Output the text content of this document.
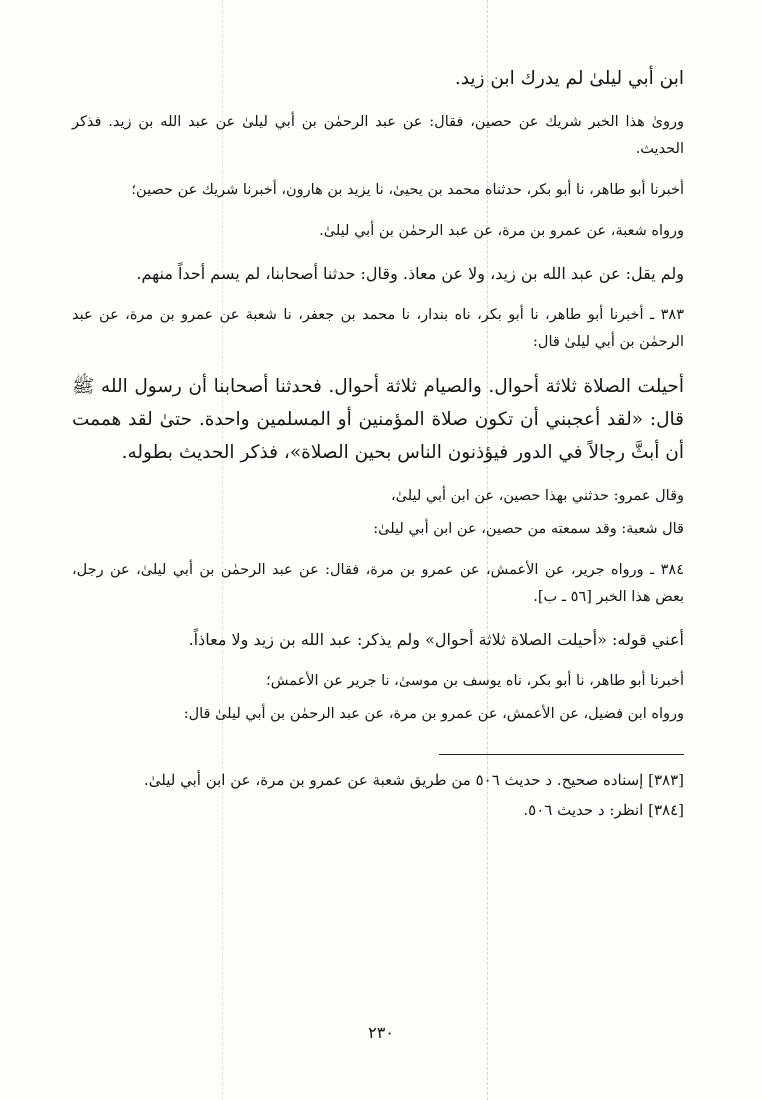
ابن أبي ليلىٰ لم يدرك ابن زيد.

ورویٰ هذا الخبر شريك عن حصين، فقال: عن عبد الرحمٰن بن أبي ليلىٰ عن عبد الله بن زيد. فذكر الحديث.

أخبرنا أبو طاهر، نا أبو بكر، حدثناه محمد بن يحيىٰ، نا يزيد بن هارون، أخبرنا شريك عن حصين؛

ورواه شعبة، عن عمرو بن مرة، عن عبد الرحمٰن بن أبي ليلىٰ.

ولم يقل: عن عبد الله بن زيد، ولا عن معاذ. وقال: حدثنا أصحابنا، لم يسم أحداً منهم.

٣٨٣ ـ أخبرنا أبو طاهر، نا أبو بكر، ناه بندار، نا محمد بن جعفر، نا شعبة عن عمرو بن مرة، عن عبد الرحمٰن بن أبي ليلىٰ قال:

أحيلت الصلاة ثلاثة أحوال. والصيام ثلاثة أحوال. فحدثنا أصحابنا أن رسول الله ﷺ قال: «لقد أعجبني أن تكون صلاة المؤمنين أو المسلمين واحدة. حتىٰ لقد هممت أن أبثَّ رجالاً في الدور فيؤذنون الناس بحين الصلاة»، فذكر الحديث بطوله.

وقال عمرو: حدثني بهذا حصين، عن ابن أبي ليلىٰ،

قال شعبة: وقد سمعته من حصين، عن ابن أبي ليلىٰ:

٣٨٤ ـ ورواه جرير، عن الأعمش، عن عمرو بن مرة، فقال: عن عبد الرحمٰن بن أبي ليلىٰ، عن رجل، بعض هذا الخبر [٥٦ ـ ب].

أعني قوله: «أحيلت الصلاة ثلاثة أحوال» ولم يذكر: عبد الله بن زيد ولا معاذاً.

أخبرنا أبو طاهر، نا أبو بكر، ناه يوسف بن موسىٰ، نا جرير عن الأعمش؛

ورواه ابن فضيل، عن الأعمش، عن عمرو بن مرة، عن عبد الرحمٰن بن أبي ليلىٰ قال:

[٣٨٣] إسناده صحيح. د حديث ٥٠٦ من طريق شعبة عن عمرو بن مرة، عن ابن أبي ليلىٰ.

[٣٨٤] انظر: د حديث ٥٠٦.

٢٣٠
